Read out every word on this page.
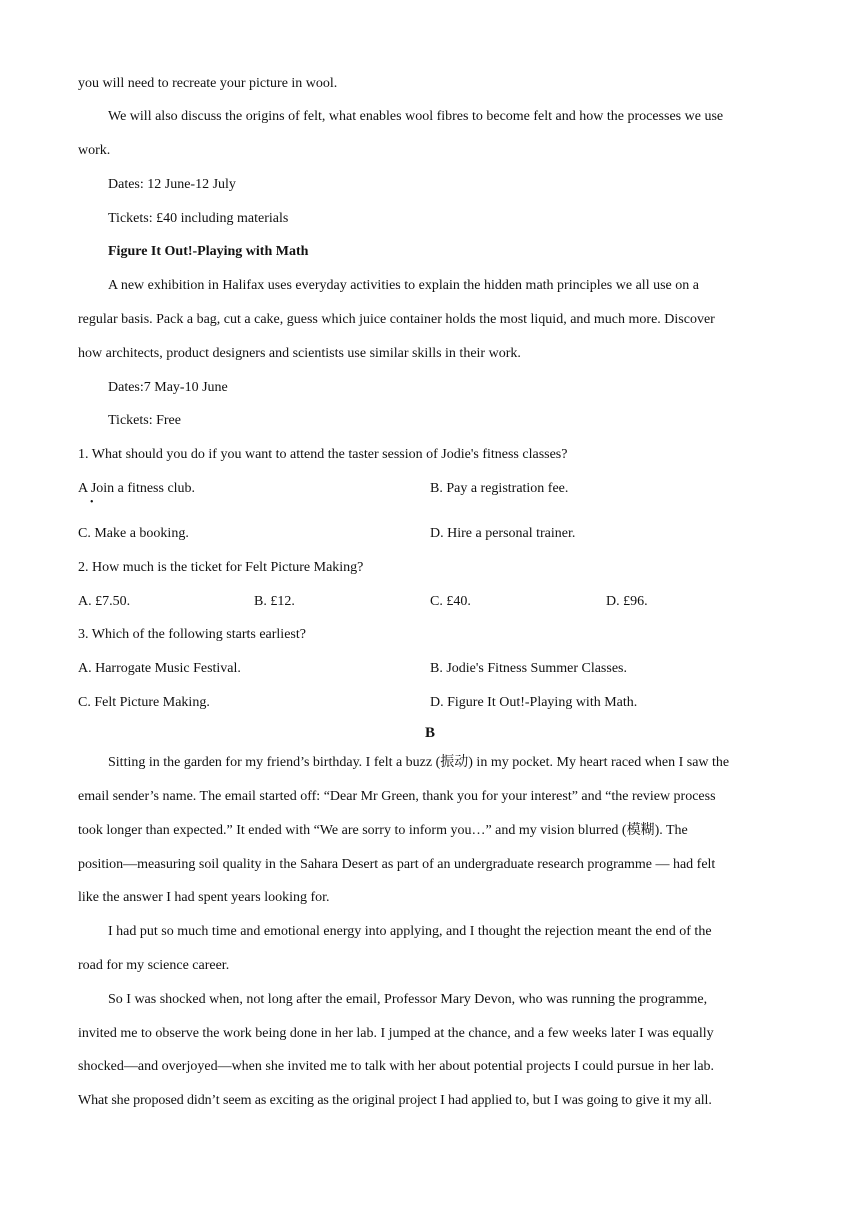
you will need to recreate your picture in wool.
We will also discuss the origins of felt, what enables wool fibres to become felt and how the processes we use
work.
Dates: 12 June-12 July
Tickets: £40 including materials
Figure It Out!-Playing with Math
A new exhibition in Halifax uses everyday activities to explain the hidden math principles we all use on a
regular basis. Pack a bag, cut a cake, guess which juice container holds the most liquid, and much more. Discover
how architects, product designers and scientists use similar skills in their work.
Dates:7 May-10 June
Tickets: Free
1. What should you do if you want to attend the taster session of Jodie's fitness classes?
A Join a fitness club.
•
B. Pay a registration fee.
C. Make a booking.	D. Hire a personal trainer.
2. How much is the ticket for Felt Picture Making?
A. £7.50.	B. £12.	C. £40.	D. £96.
3. Which of the following starts earliest?
A. Harrogate Music Festival.	B. Jodie's Fitness Summer Classes.
C. Felt Picture Making.	D. Figure It Out!-Playing with Math.
B
Sitting in the garden for my friend’s birthday. I felt a buzz (振动) in my pocket. My heart raced when I saw the
email sender’s name. The email started off: “Dear Mr Green, thank you for your interest” and “the review process
took longer than expected.” It ended with “We are sorry to inform you…” and my vision blurred (模糊). The
position—measuring soil quality in the Sahara Desert as part of an undergraduate research programme — had felt
like the answer I had spent years looking for.
I had put so much time and emotional energy into applying, and I thought the rejection meant the end of the
road for my science career.
So I was shocked when, not long after the email, Professor Mary Devon, who was running the programme,
invited me to observe the work being done in her lab. I jumped at the chance, and a few weeks later I was equally
shocked—and overjoyed—when she invited me to talk with her about potential projects I could pursue in her lab.
What she proposed didn’t seem as exciting as the original project I had applied to, but I was going to give it my all.
